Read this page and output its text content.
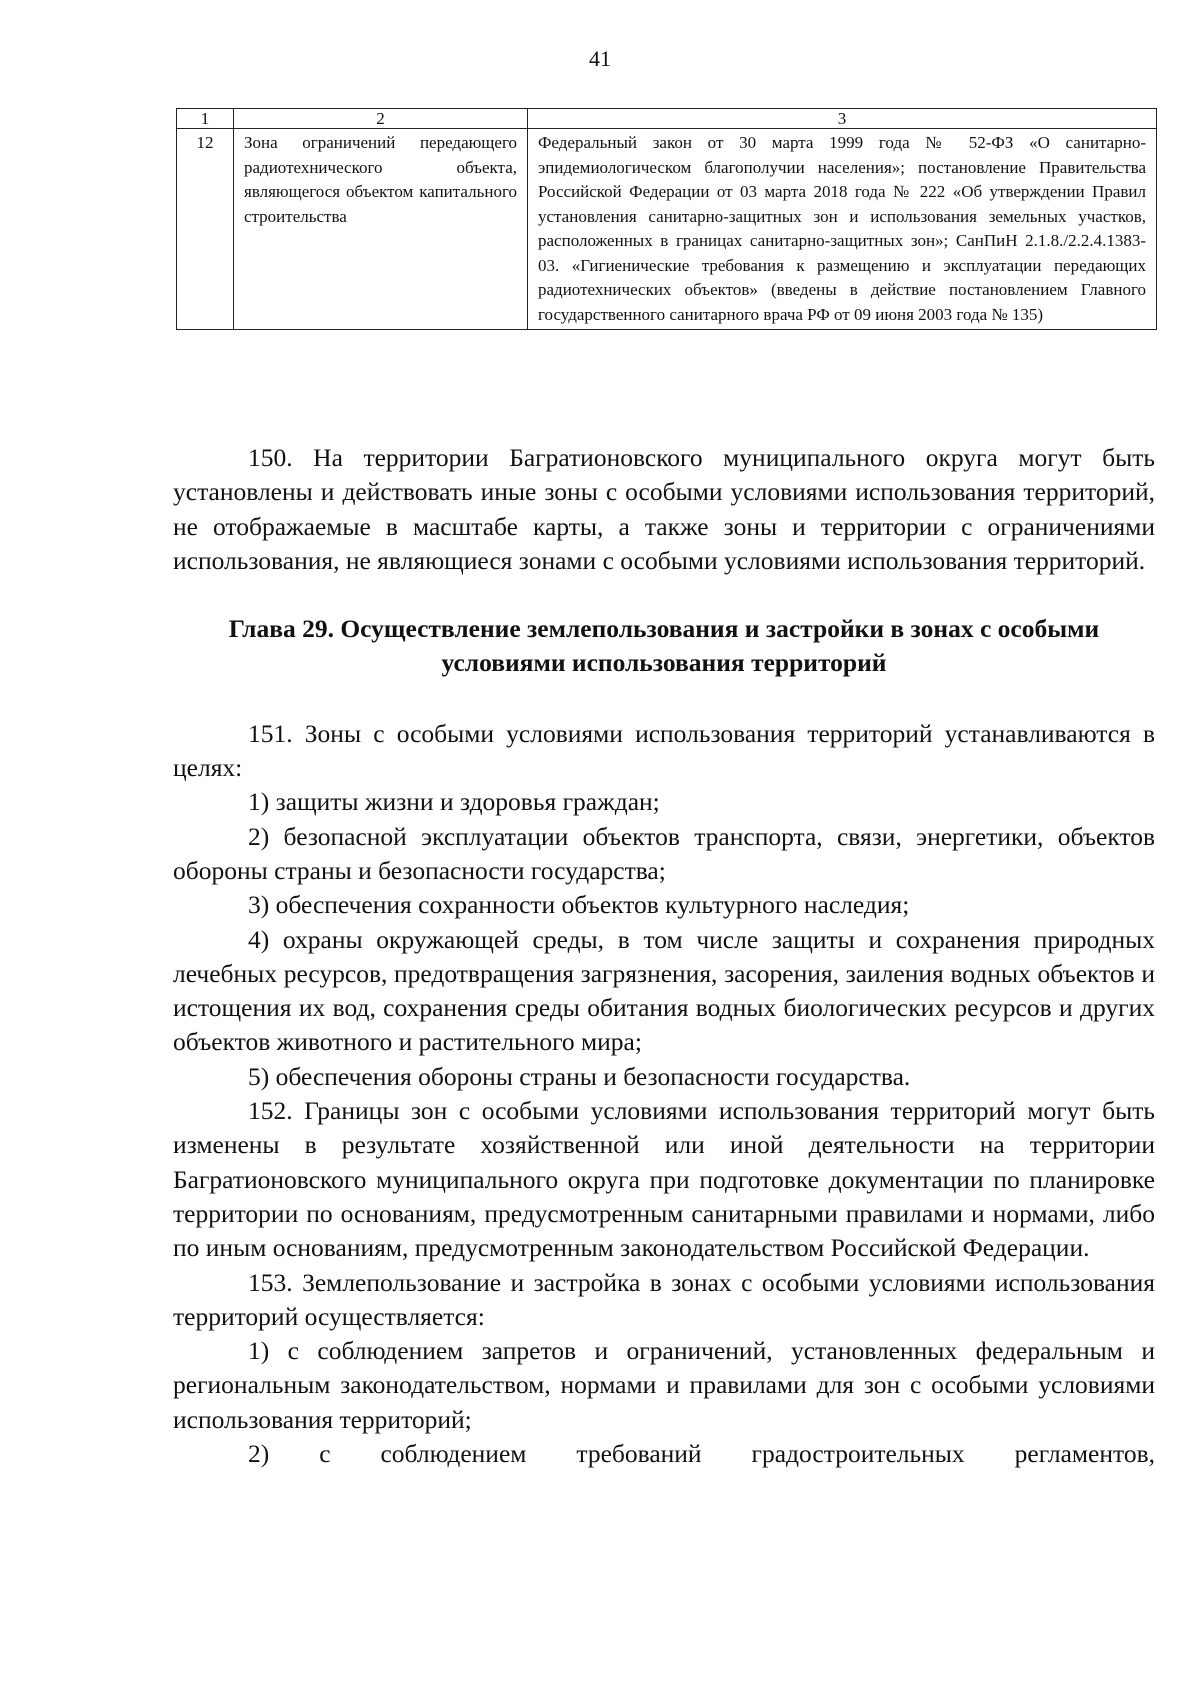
41
1	2	3
12	Зона ограничений передающего радиотехнического объекта, являющегося объектом капитального строительства	Федеральный закон от 30 марта 1999 года № 52-ФЗ «О санитарно-эпидемиологическом благополучии населения»; постановление Правительства Российской Федерации от 03 марта 2018 года № 222 «Об утверждении Правил установления санитарно-защитных зон и использования земельных участков, расположенных в границах санитарно-защитных зон»; СанПиН 2.1.8./2.2.4.1383-03. «Гигиенические требования к размещению и эксплуатации передающих радиотехнических объектов» (введены в действие постановлением Главного государственного санитарного врача РФ от 09 июня 2003 года № 135)

150. На территории Багратионовского муниципального округа могут быть установлены и действовать иные зоны с особыми условиями использования территорий, не отображаемые в масштабе карты, а также зоны и территории с ограничениями использования, не являющиеся зонами с особыми условиями использования территорий.

Глава 29. Осуществление землепользования и застройки в зонах с особыми условиями использования территорий

151. Зоны с особыми условиями использования территорий устанавливаются в целях:

1) защиты жизни и здоровья граждан;

2) безопасной эксплуатации объектов транспорта, связи, энергетики, объектов обороны страны и безопасности государства;

3) обеспечения сохранности объектов культурного наследия;

4) охраны окружающей среды, в том числе защиты и сохранения природных лечебных ресурсов, предотвращения загрязнения, засорения, заиления водных объектов и истощения их вод, сохранения среды обитания водных биологических ресурсов и других объектов животного и растительного мира;

5) обеспечения обороны страны и безопасности государства.

152. Границы зон с особыми условиями использования территорий могут быть изменены в результате хозяйственной или иной деятельности на территории Багратионовского муниципального округа при подготовке документации по планировке территории по основаниям, предусмотренным санитарными правилами и нормами, либо по иным основаниям, предусмотренным законодательством Российской Федерации.

153. Землепользование и застройка в зонах с особыми условиями использования территорий осуществляется:

1) с соблюдением запретов и ограничений, установленных федеральным и региональным законодательством, нормами и правилами для зон с особыми условиями использования территорий;

2) с соблюдением требований градостроительных регламентов,
